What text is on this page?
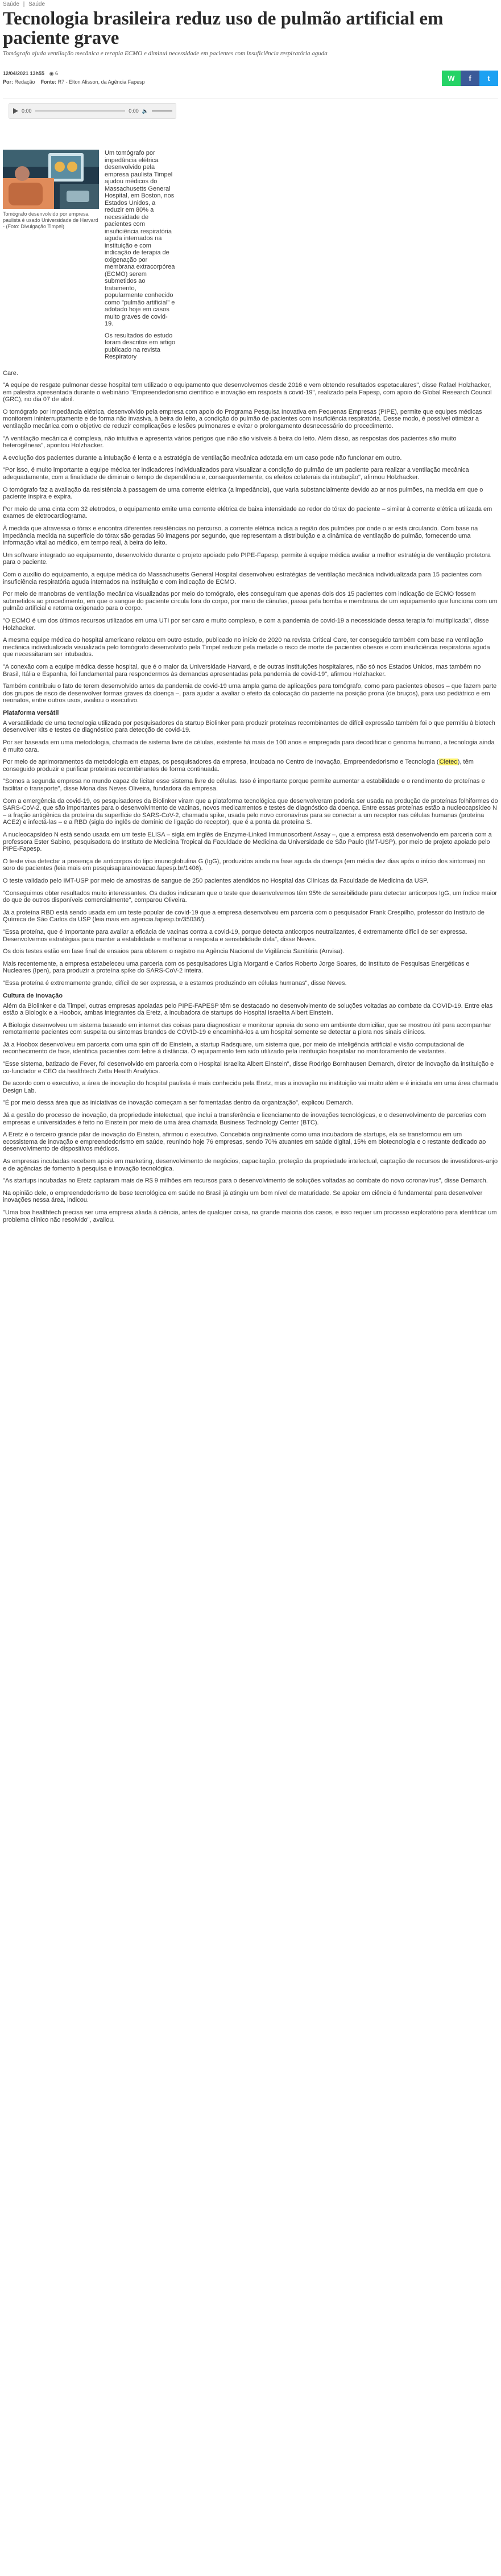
Saúde | Saúde
Tecnologia brasileira reduz uso de pulmão artificial em paciente grave
Tomógrafo ajuda ventilação mecânica e terapia ECMO e diminui necessidade em pacientes com insuficiência respiratória aguda
12/04/2021 13h55 ◉ 6
Por: Redação Fonte: R7 - Elton Alisson, da Agência Fapesp	W f t
0:00	0:00 🔈
Tomógrafo desenvolvido por empresa paulista é usado Universidade de Harvard - (Foto: Divulgação Timpel)

Um tomógrafo por impedância elétrica desenvolvido pela empresa paulista Timpel ajudou médicos do Massachusetts General Hospital, em Boston, nos Estados Unidos, a reduzir em 80% a necessidade de pacientes com insuficiência respiratória aguda internados na instituição e com indicação de terapia de oxigenação por membrana extracorpórea (ECMO) serem submetidos ao tratamento, popularmente conhecido como "pulmão artificial" e adotado hoje em casos muito graves de covid-19.

Os resultados do estudo foram descritos em artigo publicado na revista Respiratory

Care.

"A equipe de resgate pulmonar desse hospital tem utilizado o equipamento que desenvolvemos desde 2016 e vem obtendo resultados espetaculares", disse Rafael Holzhacker, em palestra apresentada durante o webinário "Empreendedorismo científico e inovação em resposta à covid-19", realizado pela Fapesp, com apoio do Global Research Council (GRC), no dia 07 de abril.

O tomógrafo por impedância elétrica, desenvolvido pela empresa com apoio do Programa Pesquisa Inovativa em Pequenas Empresas (PIPE), permite que equipes médicas monitorem ininterruptamente e de forma não invasiva, à beira do leito, a condição do pulmão de pacientes com insuficiência respiratória. Desse modo, é possível otimizar a ventilação mecânica com o objetivo de reduzir complicações e lesões pulmonares e evitar o prolongamento desnecessário do procedimento.

"A ventilação mecânica é complexa, não intuitiva e apresenta vários perigos que não são visíveis à beira do leito. Além disso, as respostas dos pacientes são muito heterogêneas", apontou Holzhacker.

A evolução dos pacientes durante a intubação é lenta e a estratégia de ventilação mecânica adotada em um caso pode não funcionar em outro.

"Por isso, é muito importante a equipe médica ter indicadores individualizados para visualizar a condição do pulmão de um paciente para realizar a ventilação mecânica adequadamente, com a finalidade de diminuir o tempo de dependência e, consequentemente, os efeitos colaterais da intubação", afirmou Holzhacker.

O tomógrafo faz a avaliação da resistência à passagem de uma corrente elétrica (a impedância), que varia substancialmente devido ao ar nos pulmões, na medida em que o paciente inspira e expira.

Por meio de uma cinta com 32 eletrodos, o equipamento emite uma corrente elétrica de baixa intensidade ao redor do tórax do paciente – similar à corrente elétrica utilizada em exames de eletrocardiograma.

À medida que atravessa o tórax e encontra diferentes resistências no percurso, a corrente elétrica indica a região dos pulmões por onde o ar está circulando. Com base na impedância medida na superfície do tórax são geradas 50 imagens por segundo, que representam a distribuição e a dinâmica de ventilação do pulmão, fornecendo uma informação vital ao médico, em tempo real, à beira do leito.

Um software integrado ao equipamento, desenvolvido durante o projeto apoiado pelo PIPE-Fapesp, permite à equipe médica avaliar a melhor estratégia de ventilação protetora para o paciente.

Com o auxílio do equipamento, a equipe médica do Massachusetts General Hospital desenvolveu estratégias de ventilação mecânica individualizada para 15 pacientes com insuficiência respiratória aguda internados na instituição e com indicação de ECMO.

Por meio de manobras de ventilação mecânica visualizadas por meio do tomógrafo, eles conseguiram que apenas dois dos 15 pacientes com indicação de ECMO fossem submetidos ao procedimento, em que o sangue do paciente circula fora do corpo, por meio de cânulas, passa pela bomba e membrana de um equipamento que funciona com um pulmão artificial e retorna oxigenado para o corpo.

"O ECMO é um dos últimos recursos utilizados em uma UTI por ser caro e muito complexo, e com a pandemia de covid-19 a necessidade dessa terapia foi multiplicada", disse Holzhacker.

A mesma equipe médica do hospital americano relatou em outro estudo, publicado no início de 2020 na revista Critical Care, ter conseguido também com base na ventilação mecânica individualizada visualizada pelo tomógrafo desenvolvido pela Timpel reduzir pela metade o risco de morte de pacientes obesos e com insuficiência respiratória aguda que necessitaram ser intubados.

"A conexão com a equipe médica desse hospital, que é o maior da Universidade Harvard, e de outras instituições hospitalares, não só nos Estados Unidos, mas também no Brasil, Itália e Espanha, foi fundamental para respondermos às demandas apresentadas pela pandemia de covid-19", afirmou Holzhacker.

Também contribuiu o fato de terem desenvolvido antes da pandemia de covid-19 uma ampla gama de aplicações para tomógrafo, como para pacientes obesos – que fazem parte dos grupos de risco de desenvolver formas graves da doença –, para ajudar a avaliar o efeito da colocação do paciente na posição prona (de bruços), para uso pediátrico e em neonatos, entre outros usos, avaliou o executivo.

Plataforma versátil

A versatilidade de uma tecnologia utilizada por pesquisadores da startup Biolinker para produzir proteínas recombinantes de difícil expressão também foi o que permitiu à biotech desenvolver kits e testes de diagnóstico para detecção de covid-19.

Por ser baseada em uma metodologia, chamada de sistema livre de células, existente há mais de 100 anos e empregada para decodificar o genoma humano, a tecnologia ainda é muito cara.

Por meio de aprimoramentos da metodologia em etapas, os pesquisadores da empresa, incubada no Centro de Inovação, Empreendedorismo e Tecnologia (Cietec), têm conseguido produzir e purificar proteínas recombinantes de forma continuada.

"Somos a segunda empresa no mundo capaz de licitar esse sistema livre de células. Isso é importante porque permite aumentar a estabilidade e o rendimento de proteínas e facilitar o transporte", disse Mona das Neves Oliveira, fundadora da empresa.

Com a emergência da covid-19, os pesquisadores da Biolinker viram que a plataforma tecnológica que desenvolveram poderia ser usada na produção de proteínas folhiformes do SARS-CoV-2, que são importantes para o desenvolvimento de vacinas, novos medicamentos e testes de diagnóstico da doença. Entre essas proteínas estão a nucleocapsídeo N – a fração antigênica da proteína da superfície do SARS-CoV-2, chamada spike, usada pelo novo coronavírus para se conectar a um receptor nas células humanas (proteína ACE2) e infectá-las – e a RBD (sigla do inglês de domínio de ligação do receptor), que é a ponta da proteína S.

A nucleocapsídeo N está sendo usada em um teste ELISA – sigla em inglês de Enzyme-Linked Immunosorbent Assay –, que a empresa está desenvolvendo em parceria com a professora Ester Sabino, pesquisadora do Instituto de Medicina Tropical da Faculdade de Medicina da Universidade de São Paulo (IMT-USP), por meio de projeto apoiado pelo PIPE-Fapesp.

O teste visa detectar a presença de anticorpos do tipo imunoglobulina G (IgG), produzidos ainda na fase aguda da doença (em média dez dias após o início dos sintomas) no soro de pacientes (leia mais em pesquisaparainovacao.fapesp.br/1406).

O teste validado pelo IMT-USP por meio de amostras de sangue de 250 pacientes atendidos no Hospital das Clínicas da Faculdade de Medicina da USP.

"Conseguimos obter resultados muito interessantes. Os dados indicaram que o teste que desenvolvemos têm 95% de sensibilidade para detectar anticorpos IgG, um índice maior do que de outros disponíveis comercialmente", comparou Oliveira.

Já a proteína RBD está sendo usada em um teste popular de covid-19 que a empresa desenvolveu em parceria com o pesquisador Frank Crespilho, professor do Instituto de Química de São Carlos da USP (leia mais em agencia.fapesp.br/35036/).

"Essa proteína, que é importante para avaliar a eficácia de vacinas contra a covid-19, porque detecta anticorpos neutralizantes, é extremamente difícil de ser expressa. Desenvolvemos estratégias para manter a estabilidade e melhorar a resposta e sensibilidade dela", disse Neves.

Os dois testes estão em fase final de ensaios para obterem o registro na Agência Nacional de Vigilância Sanitária (Anvisa).

Mais recentemente, a empresa estabeleceu uma parceria com os pesquisadores Ligia Morganti e Carlos Roberto Jorge Soares, do Instituto de Pesquisas Energéticas e Nucleares (Ipen), para produzir a proteína spike do SARS-CoV-2 inteira.

"Essa proteína é extremamente grande, difícil de ser expressa, e a estamos produzindo em células humanas", disse Neves.

Cultura de inovação

Além da Biolinker e da Timpel, outras empresas apoiadas pelo PIPE-FAPESP têm se destacado no desenvolvimento de soluções voltadas ao combate da COVID-19. Entre elas estão a Biologix e a Hoobox, ambas integrantes da Eretz, a incubadora de startups do Hospital Israelita Albert Einstein.

A Biologix desenvolveu um sistema baseado em internet das coisas para diagnosticar e monitorar apneia do sono em ambiente domiciliar, que se mostrou útil para acompanhar remotamente pacientes com suspeita ou sintomas brandos de COVID-19 e encaminhá-los a um hospital somente se detectar a piora nos sinais clínicos.

Já a Hoobox desenvolveu em parceria com uma spin off do Einstein, a startup Radsquare, um sistema que, por meio de inteligência artificial e visão computacional de reconhecimento de face, identifica pacientes com febre à distância. O equipamento tem sido utilizado pela instituição hospitalar no monitoramento de visitantes.

"Esse sistema, batizado de Fever, foi desenvolvido em parceria com o Hospital Israelita Albert Einstein", disse Rodrigo Bornhausen Demarch, diretor de inovação da instituição e co-fundador e CEO da healthtech Zetta Health Analytics.

De acordo com o executivo, a área de inovação do hospital paulista é mais conhecida pela Eretz, mas a inovação na instituição vai muito além e é iniciada em uma área chamada Design Lab.

"É por meio dessa área que as iniciativas de inovação começam a ser fomentadas dentro da organização", explicou Demarch.

Já a gestão do processo de inovação, da propriedade intelectual, que inclui a transferência e licenciamento de inovações tecnológicas, e o desenvolvimento de parcerias com empresas e universidades é feito no Einstein por meio de uma área chamada Business Technology Center (BTC).

A Eretz é o terceiro grande pilar de inovação do Einstein, afirmou o executivo. Concebida originalmente como uma incubadora de startups, ela se transformou em um ecossistema de inovação e empreendedorismo em saúde, reunindo hoje 76 empresas, sendo 70% atuantes em saúde digital, 15% em biotecnologia e o restante dedicado ao desenvolvimento de dispositivos médicos.

As empresas incubadas recebem apoio em marketing, desenvolvimento de negócios, capacitação, proteção da propriedade intelectual, captação de recursos de investidores-anjo e de agências de fomento à pesquisa e inovação tecnológica.

"As startups incubadas no Eretz captaram mais de R$ 9 milhões em recursos para o desenvolvimento de soluções voltadas ao combate do novo coronavírus", disse Demarch.

Na opinião dele, o empreendedorismo de base tecnológica em saúde no Brasil já atingiu um bom nível de maturidade. Se apoiar em ciência é fundamental para desenvolver inovações nessa área, indicou.

"Uma boa healthtech precisa ser uma empresa aliada à ciência, antes de qualquer coisa, na grande maioria dos casos, e isso requer um processo exploratório para identificar um problema clínico não resolvido", avaliou.
